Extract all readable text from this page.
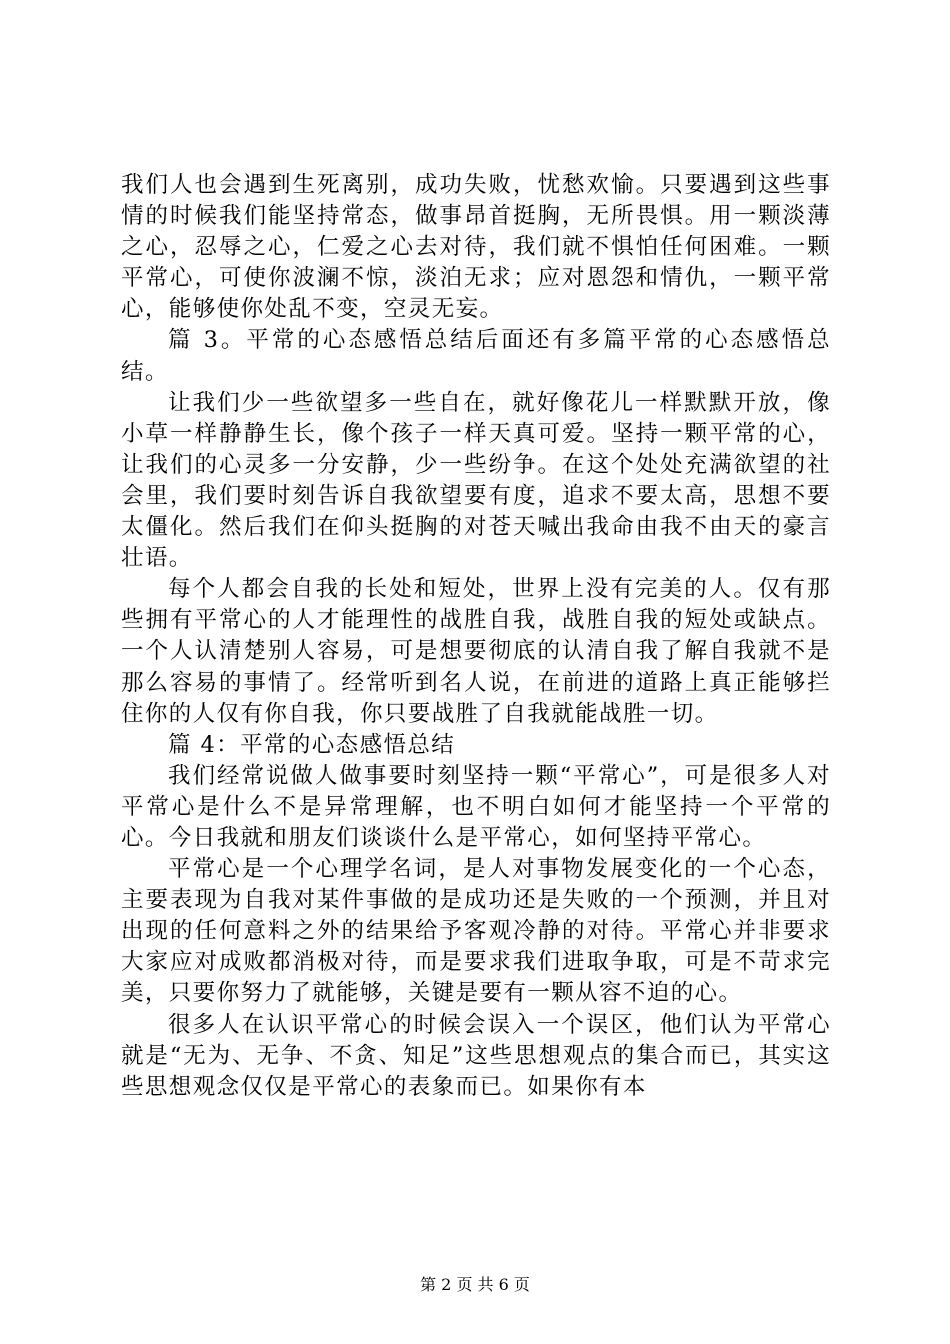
我们人也会遇到生死离别，成功失败，忧愁欢愉。只要遇到这些事情的时候我们能坚持常态，做事昂首挺胸，无所畏惧。用一颗淡薄之心，忍辱之心，仁爱之心去对待，我们就不惧怕任何困难。一颗平常心，可使你波澜不惊，淡泊无求；应对恩怨和情仇，一颗平常心，能够使你处乱不变，空灵无妄。

篇 3。平常的心态感悟总结后面还有多篇平常的心态感悟总结。

让我们少一些欲望多一些自在，就好像花儿一样默默开放，像小草一样静静生长，像个孩子一样天真可爱。坚持一颗平常的心，让我们的心灵多一分安静，少一些纷争。在这个处处充满欲望的社会里，我们要时刻告诉自我欲望要有度，追求不要太高，思想不要太僵化。然后我们在仰头挺胸的对苍天喊出我命由我不由天的豪言壮语。

每个人都会自我的长处和短处，世界上没有完美的人。仅有那些拥有平常心的人才能理性的战胜自我，战胜自我的短处或缺点。一个人认清楚别人容易，可是想要彻底的认清自我了解自我就不是那么容易的事情了。经常听到名人说，在前进的道路上真正能够拦住你的人仅有你自我，你只要战胜了自我就能战胜一切。

篇 4：平常的心态感悟总结

我们经常说做人做事要时刻坚持一颗“平常心”，可是很多人对平常心是什么不是异常理解，也不明白如何才能坚持一个平常的心。今日我就和朋友们谈谈什么是平常心，如何坚持平常心。

平常心是一个心理学名词，是人对事物发展变化的一个心态，主要表现为自我对某件事做的是成功还是失败的一个预测，并且对出现的任何意料之外的结果给予客观冷静的对待。平常心并非要求大家应对成败都消极对待，而是要求我们进取争取，可是不苛求完美，只要你努力了就能够，关键是要有一颗从容不迫的心。

很多人在认识平常心的时候会误入一个误区，他们认为平常心就是“无为、无争、不贪、知足”这些思想观点的集合而已，其实这些思想观念仅仅是平常心的表象而已。如果你有本

第 2 页 共 6 页
